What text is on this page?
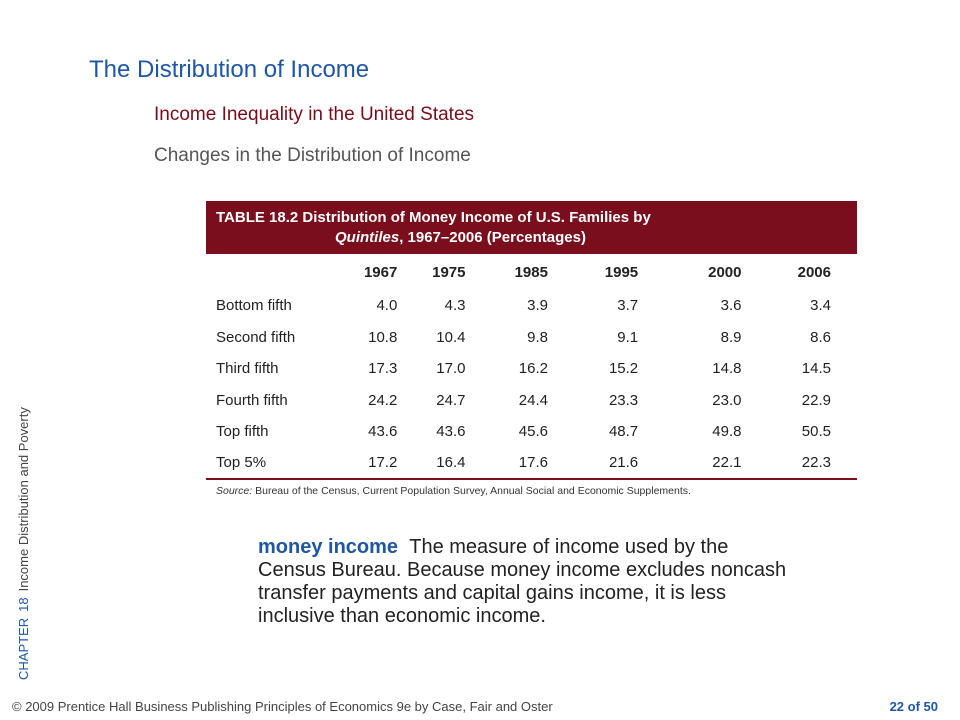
The Distribution of Income
Income Inequality in the United States
Changes in the Distribution of Income
CHAPTER18Income Distribution and Poverty
TABLE 18.2 Distribution of Money Income of U.S. Families by
Quintiles, 1967–2006 (Percentages)
	1967	1975	1985	1995	2000	2006
Bottom fifth	4.0	4.3	3.9	3.7	3.6	3.4
Second fifth	10.8	10.4	9.8	9.1	8.9	8.6
Third fifth	17.3	17.0	16.2	15.2	14.8	14.5
Fourth fifth	24.2	24.7	24.4	23.3	23.0	22.9
Top fifth	43.6	43.6	45.6	48.7	49.8	50.5
Top 5%	17.2	16.4	17.6	21.6	22.1	22.3
Source: Bureau of the Census, Current Population Survey, Annual Social and Economic Supplements.
money income The measure of income used by the Census Bureau. Because money income excludes noncash transfer payments and capital gains income, it is less inclusive than economic income.
© 2009 Prentice Hall Business Publishing Principles of Economics 9e by Case, Fair and Oster	22 of 50
